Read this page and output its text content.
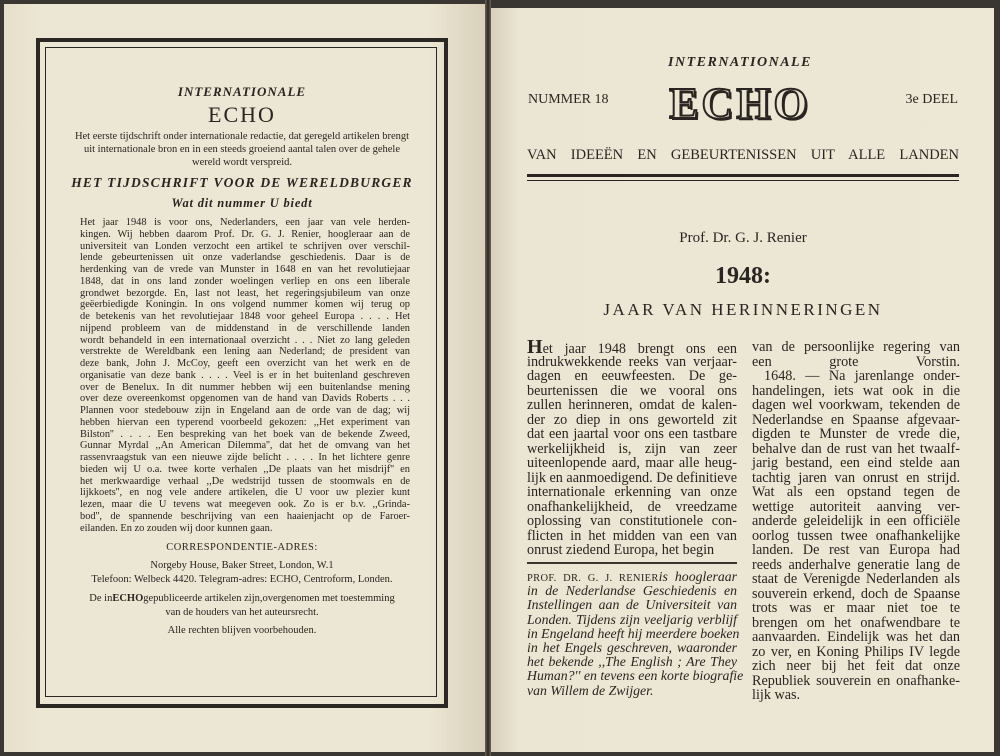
INTERNATIONALE
ECHO
Het eerste tijdschrift onder internationale redactie, dat geregeld artikelen brengt uit internationale bron en in een steeds groeiend aantal talen over de gehele wereld wordt verspreid.
HET TIJDSCHRIFT VOOR DE WERELDBURGER
Wat dit nummer U biedt
Het jaar 1948 is voor ons, Nederlanders, een jaar van vele herden-
kingen. Wij hebben daarom Prof. Dr. G. J. Renier, hoogleraar aan de
universiteit van Londen verzocht een artikel te schrijven over verschil-
lende gebeurtenissen uit onze vaderlandse geschiedenis. Daar is de
herdenking van de vrede van Munster in 1648 en van het revolutiejaar
1848, dat in ons land zonder woelingen verliep en ons een liberale
grondwet bezorgde. En, last not least, het regeringsjubileum van onze
geëerbiedigde Koningin. In ons volgend nummer komen wij terug op
de betekenis van het revolutiejaar 1848 voor geheel Europa . . . . Het
nijpend probleem van de middenstand in de verschillende landen
wordt behandeld in een internationaal overzicht . . . Niet zo lang geleden
verstrekte de Wereldbank een lening aan Nederland; de president van
deze bank, John J. McCoy, geeft een overzicht van het werk en de
organisatie van deze bank . . . . Veel is er in het buitenland geschreven
over de Benelux. In dit nummer hebben wij een buitenlandse mening
over deze overeenkomst opgenomen van de hand van Davids Roberts . . .
Plannen voor stedebouw zijn in Engeland aan de orde van de dag; wij
hebben hiervan een typerend voorbeeld gekozen: ,,Het experiment van
Bilston'' . . . . Een bespreking van het boek van de bekende Zweed,
Gunnar Myrdal ,,An American Dilemma'', dat het de omvang van het
rassenvraagstuk van een nieuwe zijde belicht . . . . In het lichtere genre
bieden wij U o.a. twee korte verhalen ,,De plaats van het misdrijf'' en
het merkwaardige verhaal ,,De wedstrijd tussen de stoomwals en de
lijkkoets'', en nog vele andere artikelen, die U voor uw plezier kunt
lezen, maar die U tevens wat meegeven ook. Zo is er b.v. ,,Grinda-
bod'', de spannende beschrijving van een haaienjacht op de Faroer-
eilanden. En zo zouden wij door kunnen gaan.
CORRESPONDENTIE-ADRES:
Norgeby House, Baker Street, London, W.1
Telefoon: Welbeck 4420. Telegram-adres: ECHO, Centroform, Londen.
De inECHOgepubliceerde artikelen zijn,overgenomen met toestemming van de houders van het auteursrecht.
Alle rechten blijven voorbehouden.
INTERNATIONALE
NUMMER 18	ECHO	3e DEEL
VAN IDEEËN EN GEBEURTENISSEN UIT ALLE LANDEN
Prof. Dr. G. J. Renier
1948:
JAAR VAN HERINNERINGEN
Het jaar 1948 brengt ons een
indrukwekkende reeks van verjaar-
dagen en eeuwfeesten. De ge-
beurtenissen die we vooral ons
zullen herinneren, omdat de kalen-
der zo diep in ons geworteld zit
dat een jaartal voor ons een tastbare
werkelijkheid is, zijn van zeer
uiteenlopende aard, maar alle heug-
lijk en aanmoedigend. De definitieve
internationale erkenning van onze
onafhankelijkheid, de vreedzame
oplossing van constitutionele con-
flicten in het midden van een van
onrust ziedend Europa, het begin
PROF. DR. G. J. RENIERis hoogleraar
in de Nederlandse Geschiedenis en
Instellingen aan de Universiteit van
Londen. Tijdens zijn veeljarig verblijf
in Engeland heeft hij meerdere boeken
in het Engels geschreven, waaronder
het bekende ,,The English ; Are They
Human?'' en tevens een korte biografie
van Willem de Zwijger.
van de persoonlijke regering van
een grote Vorstin.
1648. — Na jarenlange onder-
handelingen, iets wat ook in die
dagen wel voorkwam, tekenden de
Nederlandse en Spaanse afgevaar-
digden te Munster de vrede die,
behalve dan de rust van het twaalf-
jarig bestand, een eind stelde aan
tachtig jaren van onrust en strijd.
Wat als een opstand tegen de
wettige autoriteit aanving ver-
anderde geleidelijk in een officiële
oorlog tussen twee onafhankelijke
landen. De rest van Europa had
reeds anderhalve generatie lang de
staat de Verenigde Nederlanden als
souverein erkend, doch de Spaanse
trots was er maar niet toe te
brengen om het onafwendbare te
aanvaarden. Eindelijk was het dan
zo ver, en Koning Philips IV legde
zich neer bij het feit dat onze
Republiek souverein en onafhanke-
lijk was.
